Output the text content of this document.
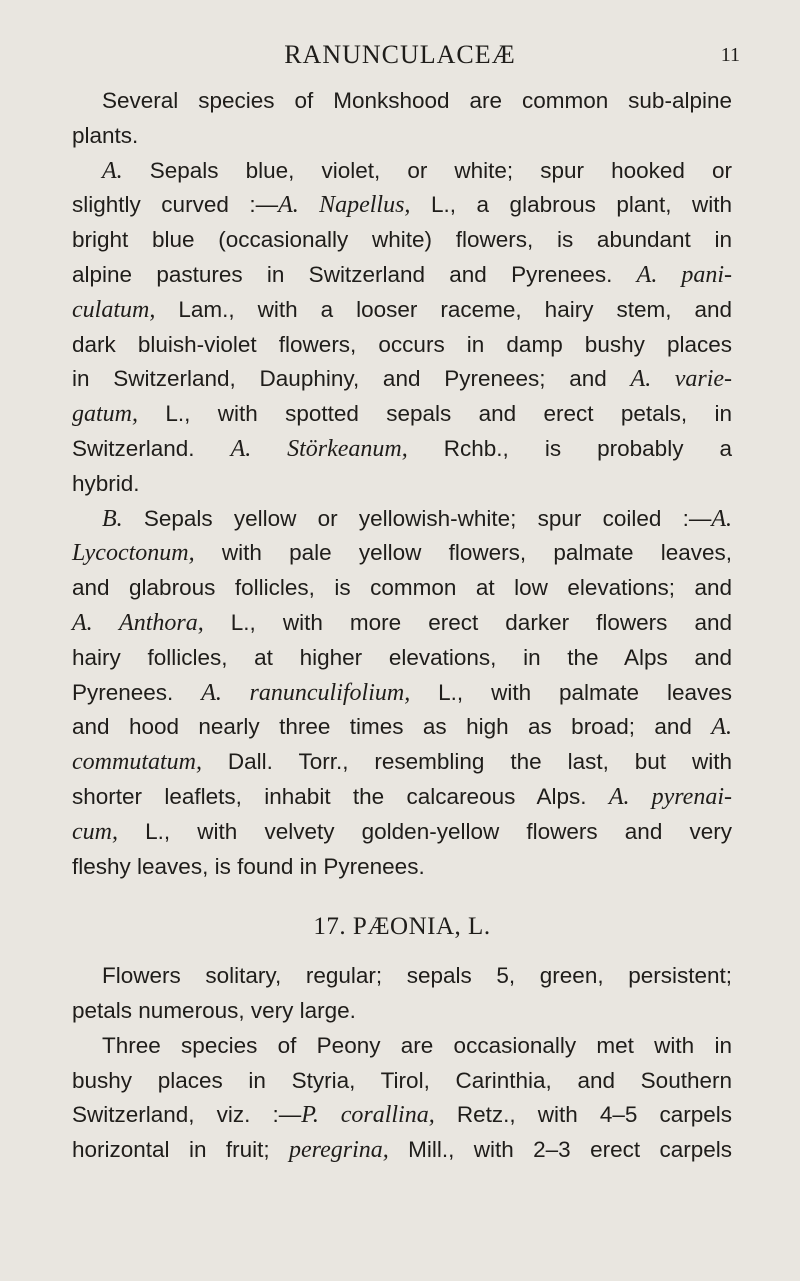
RANUNCULACEÆ	11
Several species of Monkshood are common sub-alpine
plants.
A. Sepals blue, violet, or white; spur hooked or
slightly curved :—A. Napellus, L., a glabrous plant, with
bright blue (occasionally white) flowers, is abundant in
alpine pastures in Switzerland and Pyrenees. A. pani-
culatum, Lam., with a looser raceme, hairy stem, and
dark bluish-violet flowers, occurs in damp bushy places
in Switzerland, Dauphiny, and Pyrenees; and A. varie-
gatum, L., with spotted sepals and erect petals, in
Switzerland. A. Störkeanum, Rchb., is probably a
hybrid.
B. Sepals yellow or yellowish-white; spur coiled :—A.
Lycoctonum, with pale yellow flowers, palmate leaves,
and glabrous follicles, is common at low elevations; and
A. Anthora, L., with more erect darker flowers and
hairy follicles, at higher elevations, in the Alps and
Pyrenees. A. ranunculifolium, L., with palmate leaves
and hood nearly three times as high as broad; and A.
commutatum, Dall. Torr., resembling the last, but with
shorter leaflets, inhabit the calcareous Alps. A. pyrenai-
cum, L., with velvety golden-yellow flowers and very
fleshy leaves, is found in Pyrenees.
17. PÆONIA, L.
Flowers solitary, regular; sepals 5, green, persistent;
petals numerous, very large.
Three species of Peony are occasionally met with in
bushy places in Styria, Tirol, Carinthia, and Southern
Switzerland, viz. :—P. corallina, Retz., with 4–5 carpels
horizontal in fruit; peregrina, Mill., with 2–3 erect carpels
